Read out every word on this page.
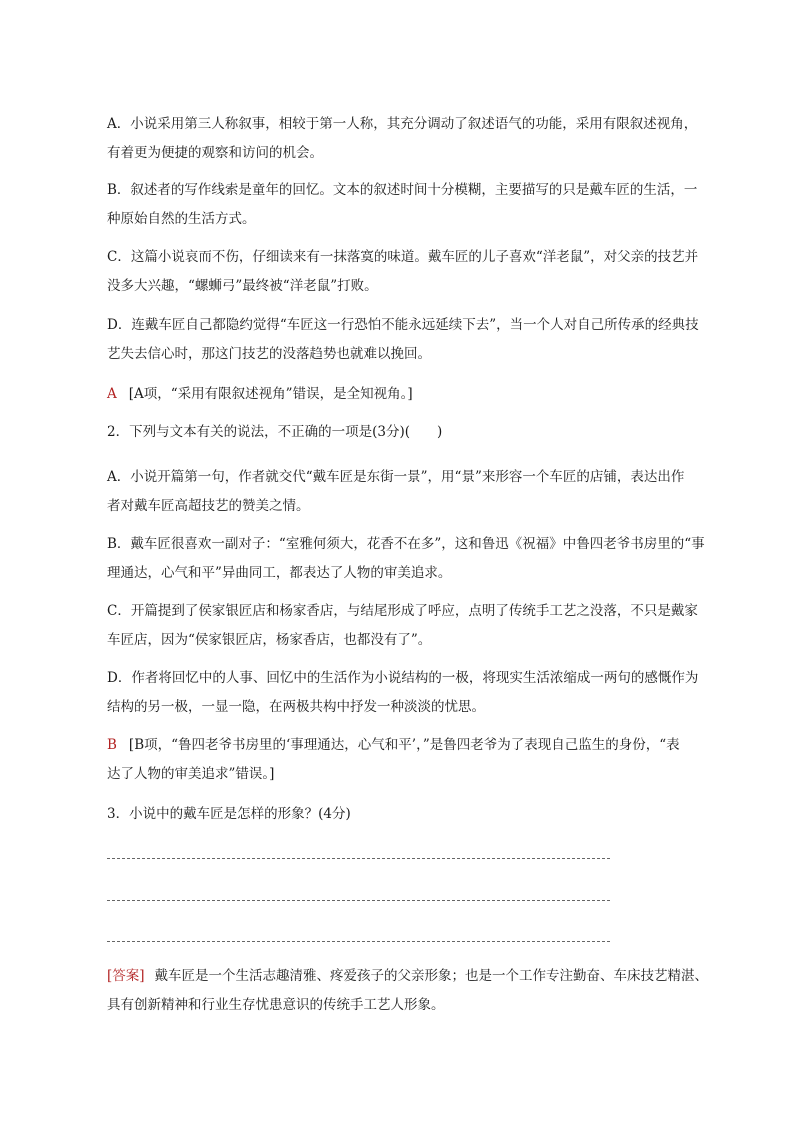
A．小说采用第三人称叙事，相较于第一人称，其充分调动了叙述语气的功能，采用有限叙述视角，
有着更为便捷的观察和访问的机会。
B．叙述者的写作线索是童年的回忆。文本的叙述时间十分模糊，主要描写的只是戴车匠的生活，一
种原始自然的生活方式。
C．这篇小说哀而不伤，仔细读来有一抹落寞的味道。戴车匠的儿子喜欢“洋老鼠”，对父亲的技艺并
没多大兴趣，“螺蛳弓”最终被“洋老鼠”打败。
D．连戴车匠自己都隐约觉得“车匠这一行恐怕不能永远延续下去”，当一个人对自己所传承的经典技
艺失去信心时，那这门技艺的没落趋势也就难以挽回。
A [A项，“采用有限叙述视角”错误，是全知视角。]
2．下列与文本有关的说法，不正确的一项是(3分)(　　)
A．小说开篇第一句，作者就交代“戴车匠是东街一景”，用“景”来形容一个车匠的店铺，表达出作
者对戴车匠高超技艺的赞美之情。
B．戴车匠很喜欢一副对子：“室雅何须大，花香不在多”，这和鲁迅《祝福》中鲁四老爷书房里的“事
理通达，心气和平”异曲同工，都表达了人物的审美追求。
C．开篇提到了侯家银匠店和杨家香店，与结尾形成了呼应，点明了传统手工艺之没落，不只是戴家
车匠店，因为“侯家银匠店，杨家香店，也都没有了”。
D．作者将回忆中的人事、回忆中的生活作为小说结构的一极，将现实生活浓缩成一两句的感慨作为
结构的另一极，一显一隐，在两极共构中抒发一种淡淡的忧思。
B [B项，“鲁四老爷书房里的‘事理通达，心气和平’，”是鲁四老爷为了表现自己监生的身份，“表
达了人物的审美追求”错误。]
3．小说中的戴车匠是怎样的形象？(4分)
[答案] 戴车匠是一个生活志趣清雅、疼爱孩子的父亲形象；也是一个工作专注勤奋、车床技艺精湛、
具有创新精神和行业生存忧患意识的传统手工艺人形象。
